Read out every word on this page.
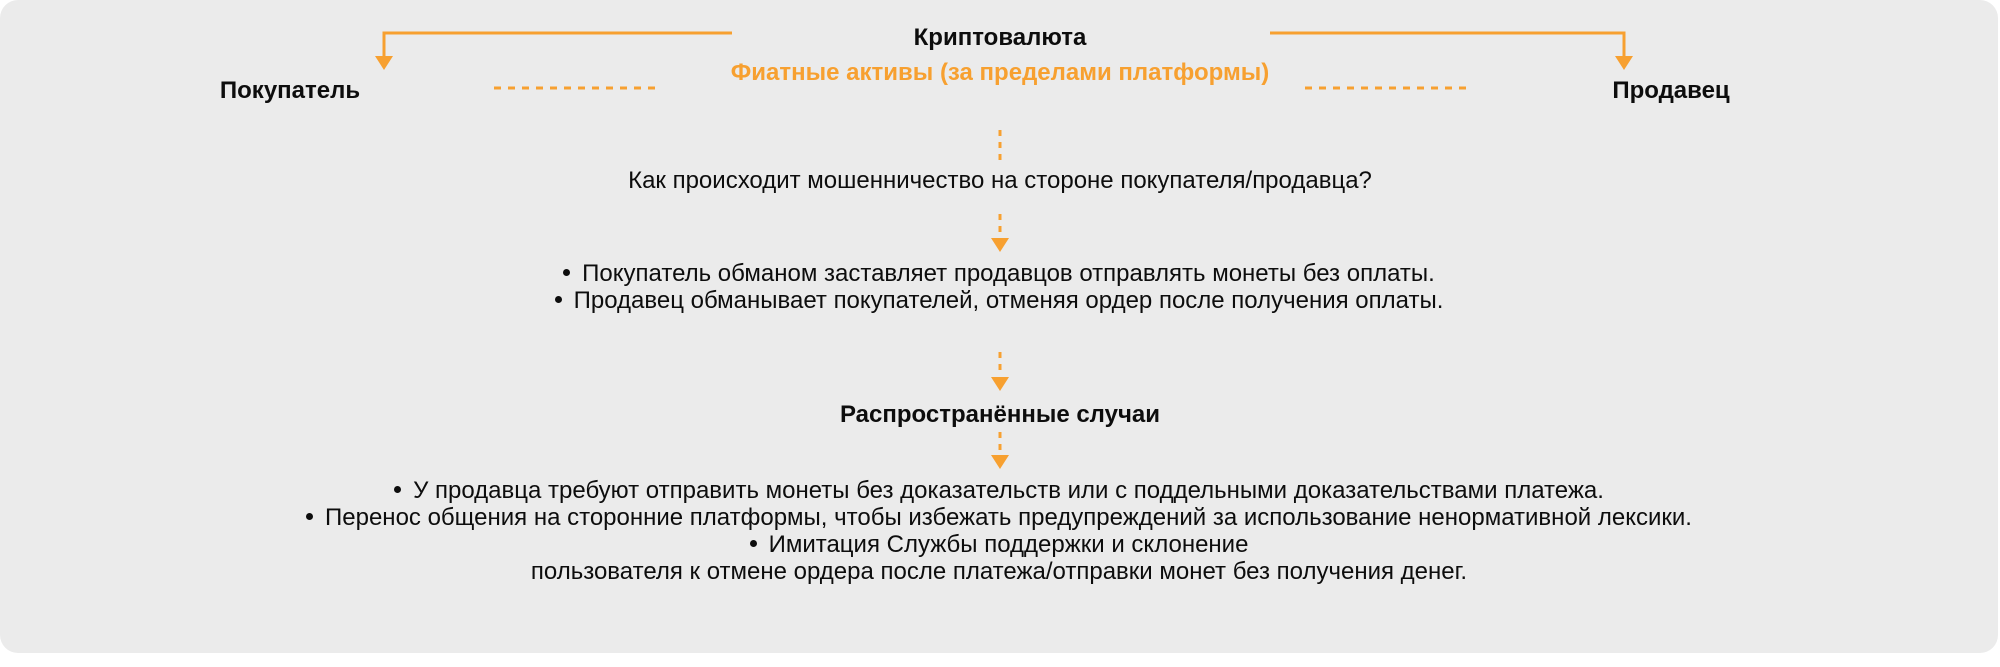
Криптовалюта
Фиатные активы (за пределами платформы)
Покупатель	Продавец
Как происходит мошенничество на стороне покупателя/продавца?
Покупатель обманом заставляет продавцов отправлять монеты без оплаты.
Продавец обманывает покупателей, отменяя ордер после получения оплаты.
Распространённые случаи
У продавца требуют отправить монеты без доказательств или с поддельными доказательствами платежа.
Перенос общения на сторонние платформы, чтобы избежать предупреждений за использование ненормативной лексики.
Имитация Службы поддержки и склонение
пользователя к отмене ордера после платежа/отправки монет без получения денег.
